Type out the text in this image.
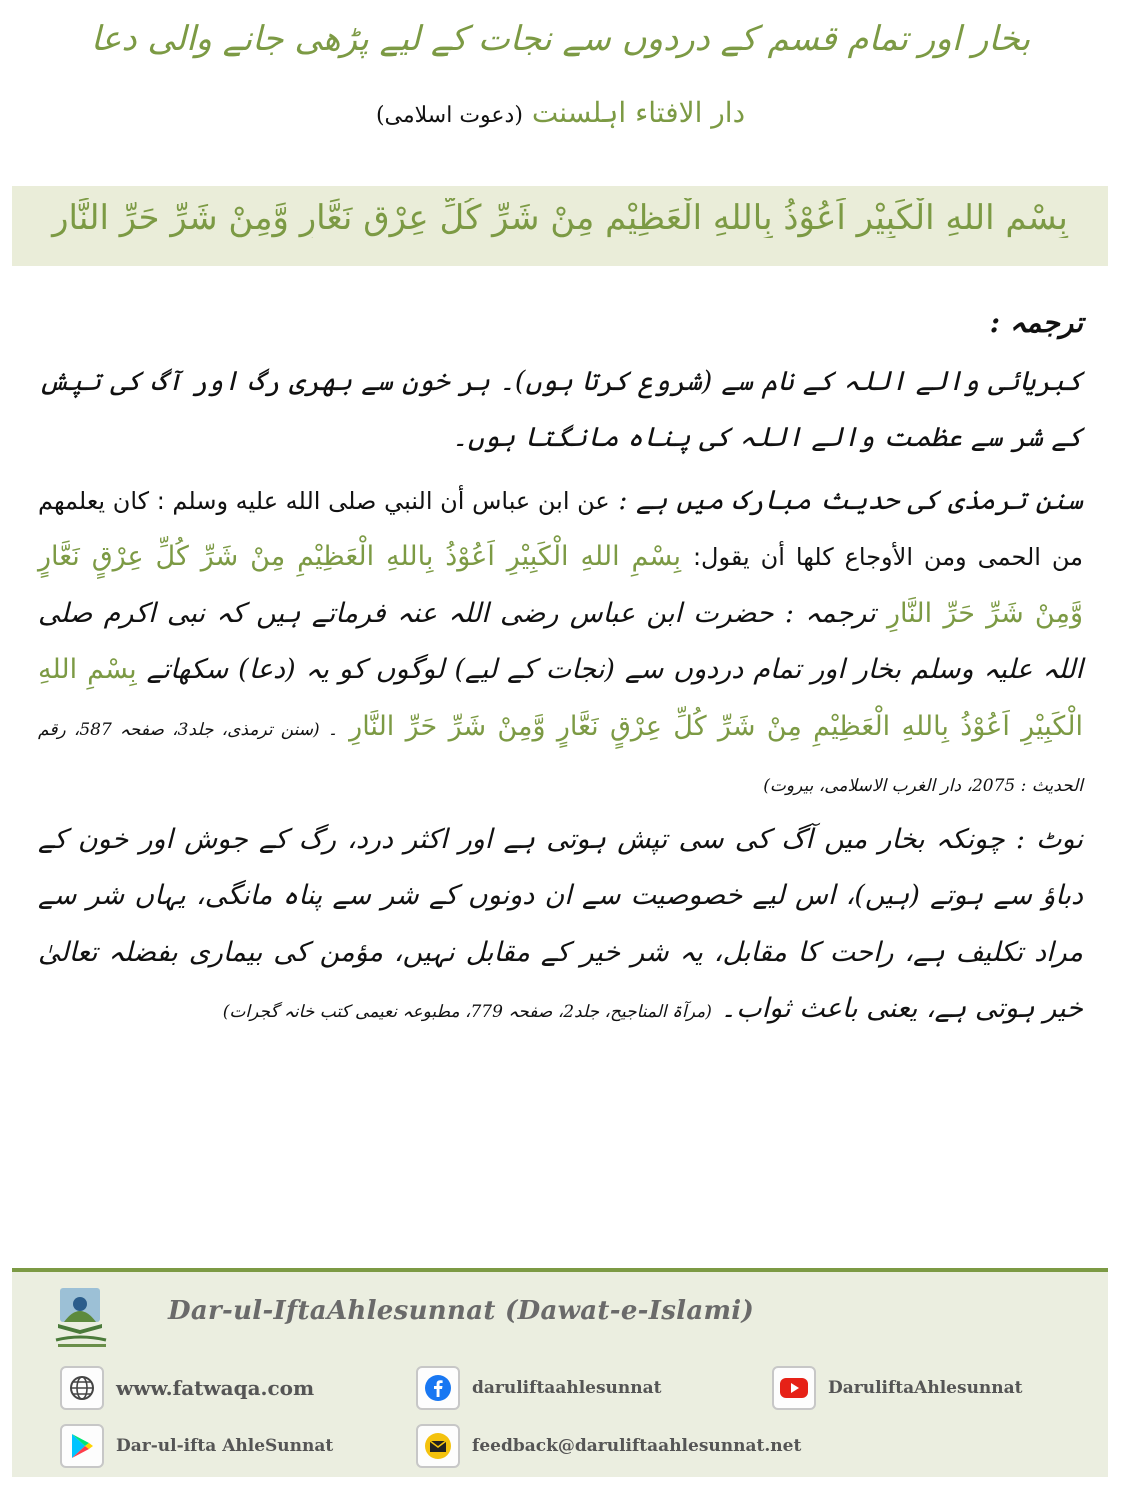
بخار اور تمام قسم کے دردوں سے نجات کے لیے پڑھی جانے والی دعا
دار الافتاء اہلسنت (دعوت اسلامی)
بِسْمِ اللهِ الْكَبِيْرِ اَعُوْذُ بِاللهِ الْعَظِيْمِ مِنْ شَرِّ كُلِّ عِرْقٍ نَعَّارٍ وَّمِنْ شَرِّ حَرِّ النَّارِ

ترجمہ :

کبریائی والے اللہ کے نام سے (شروع کرتا ہوں)۔ ہر خون سے بھری رگ اور آگ کی تپش کے شر سے عظمت والے اللہ کی پناہ مانگتا ہوں۔

سنن ترمذی کی حدیث مبارک میں ہے : عن ابن عباس أن النبي صلى الله عليه وسلم : كان يعلمهم من الحمى ومن الأوجاع كلها أن يقول: بِسْمِ اللهِ الْكَبِيْرِ اَعُوْذُ بِاللهِ الْعَظِيْمِ مِنْ شَرِّ كُلِّ عِرْقٍ نَعَّارٍ وَّمِنْ شَرِّ حَرِّ النَّارِ ترجمہ : حضرت ابن عباس رضی اللہ عنہ فرماتے ہیں کہ نبی اکرم صلی اللہ علیہ وسلم بخار اور تمام دردوں سے (نجات کے لیے) لوگوں کو یہ (دعا) سکھاتے بِسْمِ اللهِ الْكَبِيْرِ اَعُوْذُ بِاللهِ الْعَظِيْمِ مِنْ شَرِّ كُلِّ عِرْقٍ نَعَّارٍ وَّمِنْ شَرِّ حَرِّ النَّارِ ۔ (سنن ترمذی، جلد3، صفحہ 587، رقم الحدیث : 2075، دار الغرب الاسلامی، بیروت)

نوٹ : چونکہ بخار میں آگ کی سی تپش ہوتی ہے اور اکثر درد، رگ کے جوش اور خون کے دباؤ سے ہوتے (ہیں)، اس لیے خصوصیت سے ان دونوں کے شر سے پناہ مانگی، یہاں شر سے مراد تکلیف ہے، راحت کا مقابل، یہ شر خیر کے مقابل نہیں، مؤمن کی بیماری بفضلہ تعالیٰ خیر ہوتی ہے، یعنی باعث ثواب۔ (مرآۃ المناجیح، جلد2، صفحہ 779، مطبوعہ نعیمی کتب خانہ گجرات)

Dar-ul-IftaAhlesunnat (Dawat-e-Islami)
www.fatwaqa.com	daruliftaahlesunnat	DaruliftaAhlesunnat
Dar-ul-ifta AhleSunnat	feedback@daruliftaahlesunnat.net
